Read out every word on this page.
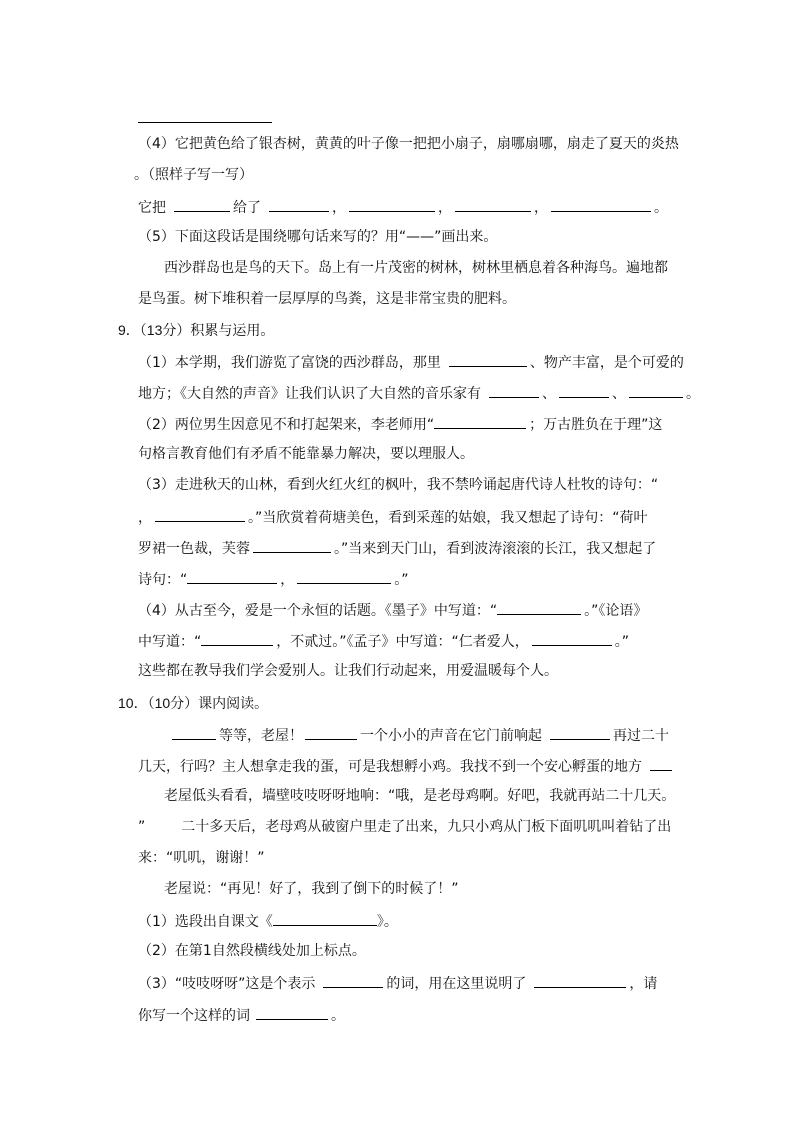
（4）它把黄色给了银杏树，黄黄的叶子像一把把小扇子，扇哪扇哪，扇走了夏天的炎热
。（照样子写一写）
它把	给了	，	，	，	。
（5）下面这段话是围绕哪句话来写的？用“——”画出来。
西沙群岛也是鸟的天下。岛上有一片茂密的树林，树林里栖息着各种海鸟。遍地都
是鸟蛋。树下堆积着一层厚厚的鸟粪，这是非常宝贵的肥料。
9．（13分）积累与运用。
（1）本学期，我们游览了富饶的西沙群岛，那里	、物产丰富，是个可爱的
地方；《大自然的声音》让我们认识了大自然的音乐家有	、	、	。
（2）两位男生因意见不和打起架来，李老师用“	；万古胜负在于理”这
句格言教育他们有矛盾不能靠暴力解决，要以理服人。
（3）走进秋天的山林，看到火红火红的枫叶，我不禁吟诵起唐代诗人杜牧的诗句：“
，	。”当欣赏着荷塘美色，看到采莲的姑娘，我又想起了诗句：“荷叶
罗裙一色裁，芙蓉	。”当来到天门山，看到波涛滚滚的长江，我又想起了
诗句：“	，	。”
（4）从古至今，爱是一个永恒的话题。《墨子》中写道：“	。”《论语》
中写道：“	，不贰过。”《孟子》中写道：“仁者爱人，	。”
这些都在教导我们学会爱别人。让我们行动起来，用爱温暖每个人。
10．（10分）课内阅读。
等等，老屋！	一个小小的声音在它门前响起	再过二十
几天，行吗？主人想拿走我的蛋，可是我想孵小鸡。我找不到一个安心孵蛋的地方
老屋低头看看，墙壁吱吱呀呀地响：“哦，是老母鸡啊。好吧，我就再站二十几天。
”	二十多天后，老母鸡从破窗户里走了出来，九只小鸡从门板下面叽叽叫着钻了出
来：“叽叽，谢谢！”
老屋说：“再见！好了，我到了倒下的时候了！”
（1）选段出自课文《	》。
（2）在第1自然段横线处加上标点。
（3）“吱吱呀呀”这是个表示	的词，用在这里说明了	，请
你写一个这样的词	。
